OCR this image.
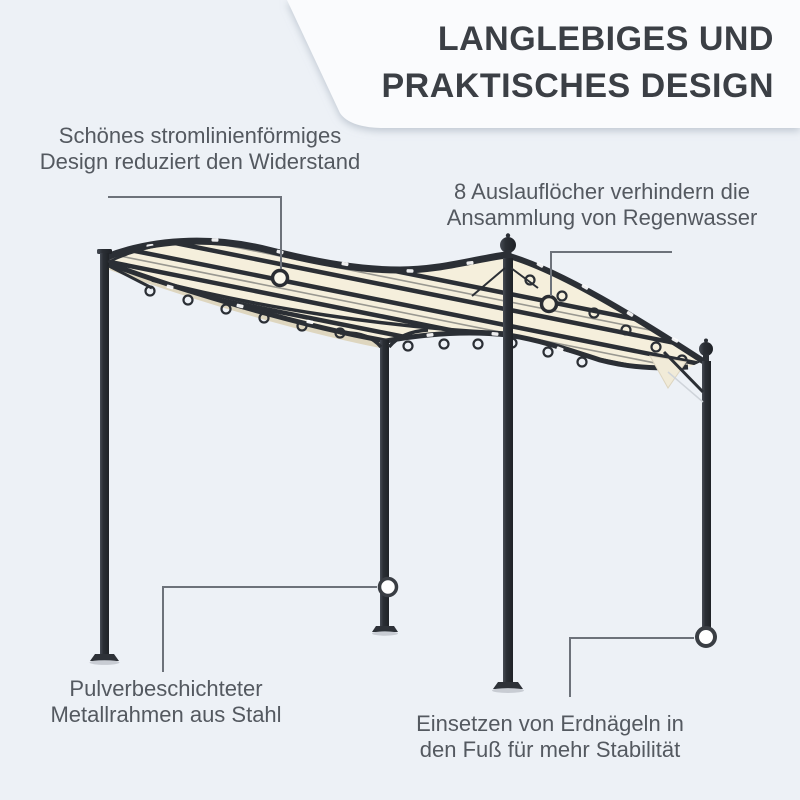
LANGLEBIGES UND
PRAKTISCHES DESIGN
Schönes stromlinienförmiges
Design reduziert den Widerstand
8 Auslauflöcher verhindern die
Ansammlung von Regenwasser
Pulverbeschichteter
Metallrahmen aus Stahl	Einsetzen von Erdnägeln in
den Fuß für mehr Stabilität
